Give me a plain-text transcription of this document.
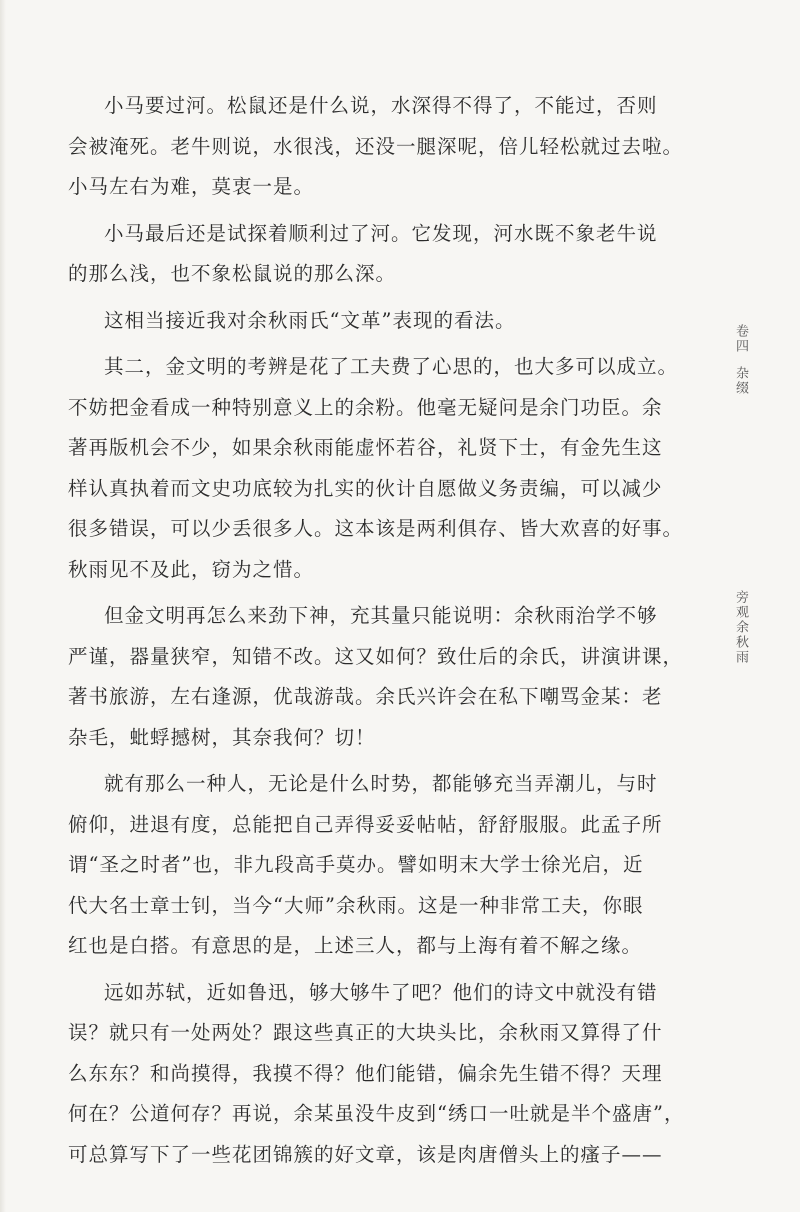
小马要过河。松鼠还是什么说，水深得不得了，不能过，否则
会被淹死。老牛则说，水很浅，还没一腿深呢，倍儿轻松就过去啦。
小马左右为难，莫衷一是。
小马最后还是试探着顺利过了河。它发现，河水既不象老牛说
的那么浅，也不象松鼠说的那么深。
这相当接近我对余秋雨氏“文革”表现的看法。
其二，金文明的考辨是花了工夫费了心思的，也大多可以成立。
不妨把金看成一种特别意义上的余粉。他毫无疑问是余门功臣。余
著再版机会不少，如果余秋雨能虚怀若谷，礼贤下士，有金先生这
样认真执着而文史功底较为扎实的伙计自愿做义务责编，可以减少
很多错误，可以少丢很多人。这本该是两利俱存、皆大欢喜的好事。
秋雨见不及此，窃为之惜。
但金文明再怎么来劲下神，充其量只能说明：余秋雨治学不够
严谨，器量狭窄，知错不改。这又如何？致仕后的余氏，讲演讲课，
著书旅游，左右逢源，优哉游哉。余氏兴许会在私下嘲骂金某：老
杂毛，蚍蜉撼树，其奈我何？切！
就有那么一种人，无论是什么时势，都能够充当弄潮儿，与时
俯仰，进退有度，总能把自己弄得妥妥帖帖，舒舒服服。此孟子所
谓“圣之时者”也，非九段高手莫办。譬如明末大学士徐光启，近
代大名士章士钊，当今“大师”余秋雨。这是一种非常工夫，你眼
红也是白搭。有意思的是，上述三人，都与上海有着不解之缘。
远如苏轼，近如鲁迅，够大够牛了吧？他们的诗文中就没有错
误？就只有一处两处？跟这些真正的大块头比，余秋雨又算得了什
么东东？和尚摸得，我摸不得？他们能错，偏余先生错不得？天理
何在？公道何存？再说，余某虽没牛皮到“绣口一吐就是半个盛唐”，
可总算写下了一些花团锦簇的好文章，该是肉唐僧头上的瘙子——
卷四杂缀
旁观余秋雨
